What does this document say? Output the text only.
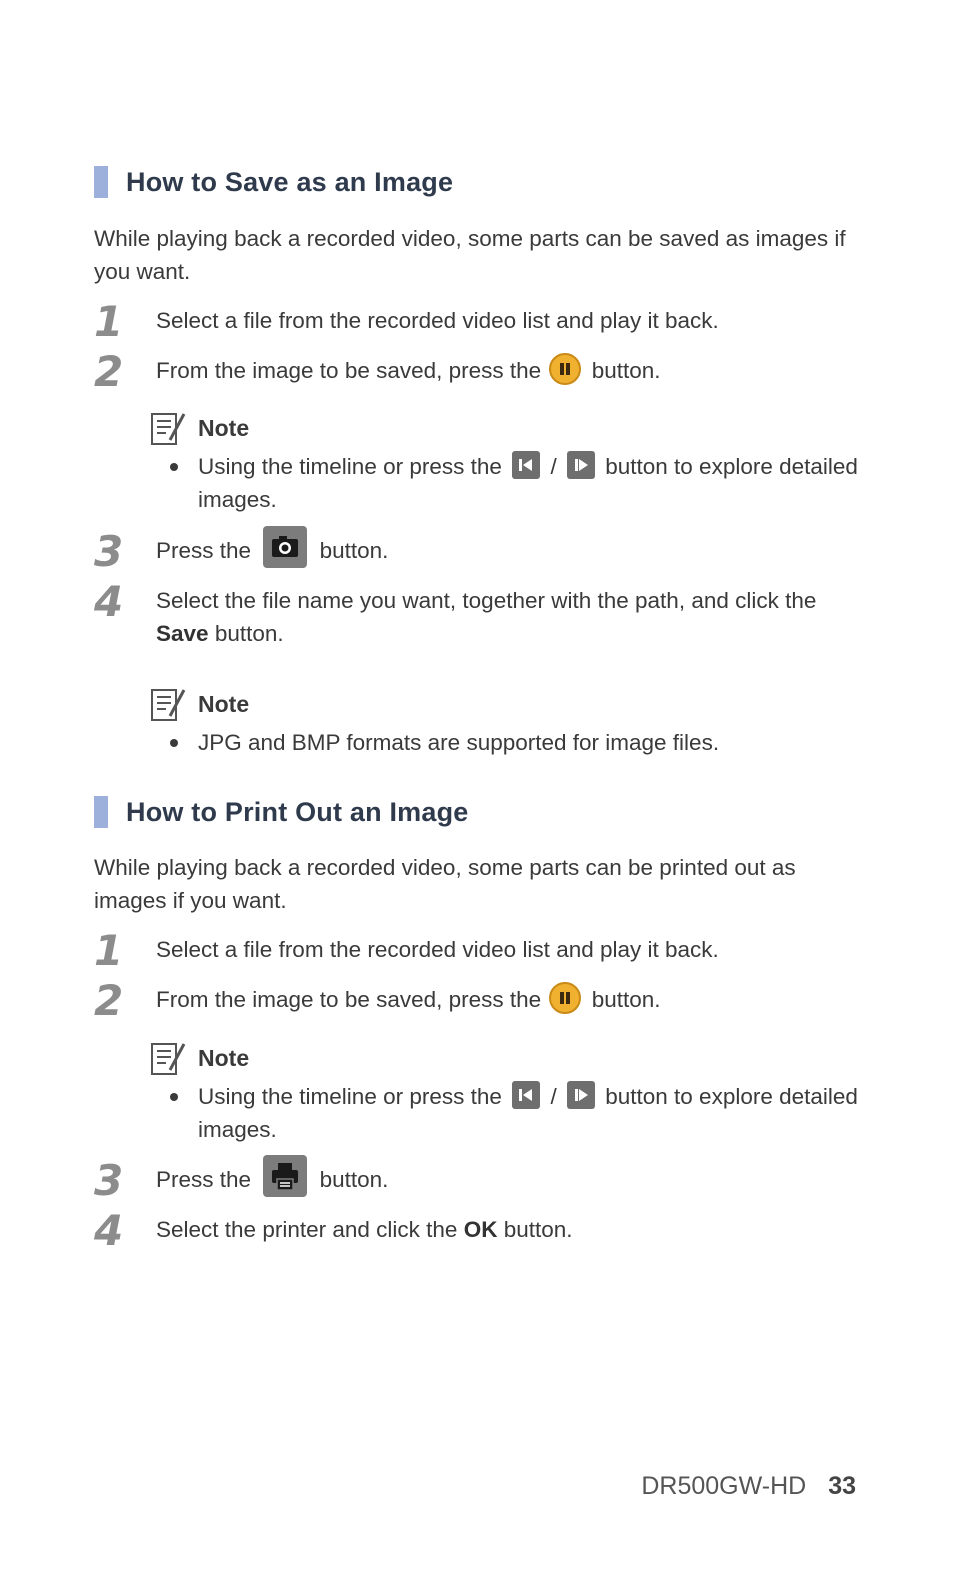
How to Save as an Image
While playing back a recorded video, some parts can be saved as images if you want.
1 Select a file from the recorded video list and play it back.
2 From the image to be saved, press the button.
Note
Using the timeline or press the / button to explore detailed images.
3 Press the	button.
4 Select the file name you want, together with the path, and click the Save button.
Note
JPG and BMP formats are supported for image files.
How to Print Out an Image
While playing back a recorded video, some parts can be printed out as images if you want.
1 Select a file from the recorded video list and play it back.
2 From the image to be saved, press the button.
Note
Using the timeline or press the / button to explore detailed images.
3 Press the	button.
4 Select the printer and click the OK button.
DR500GW-HD 33
